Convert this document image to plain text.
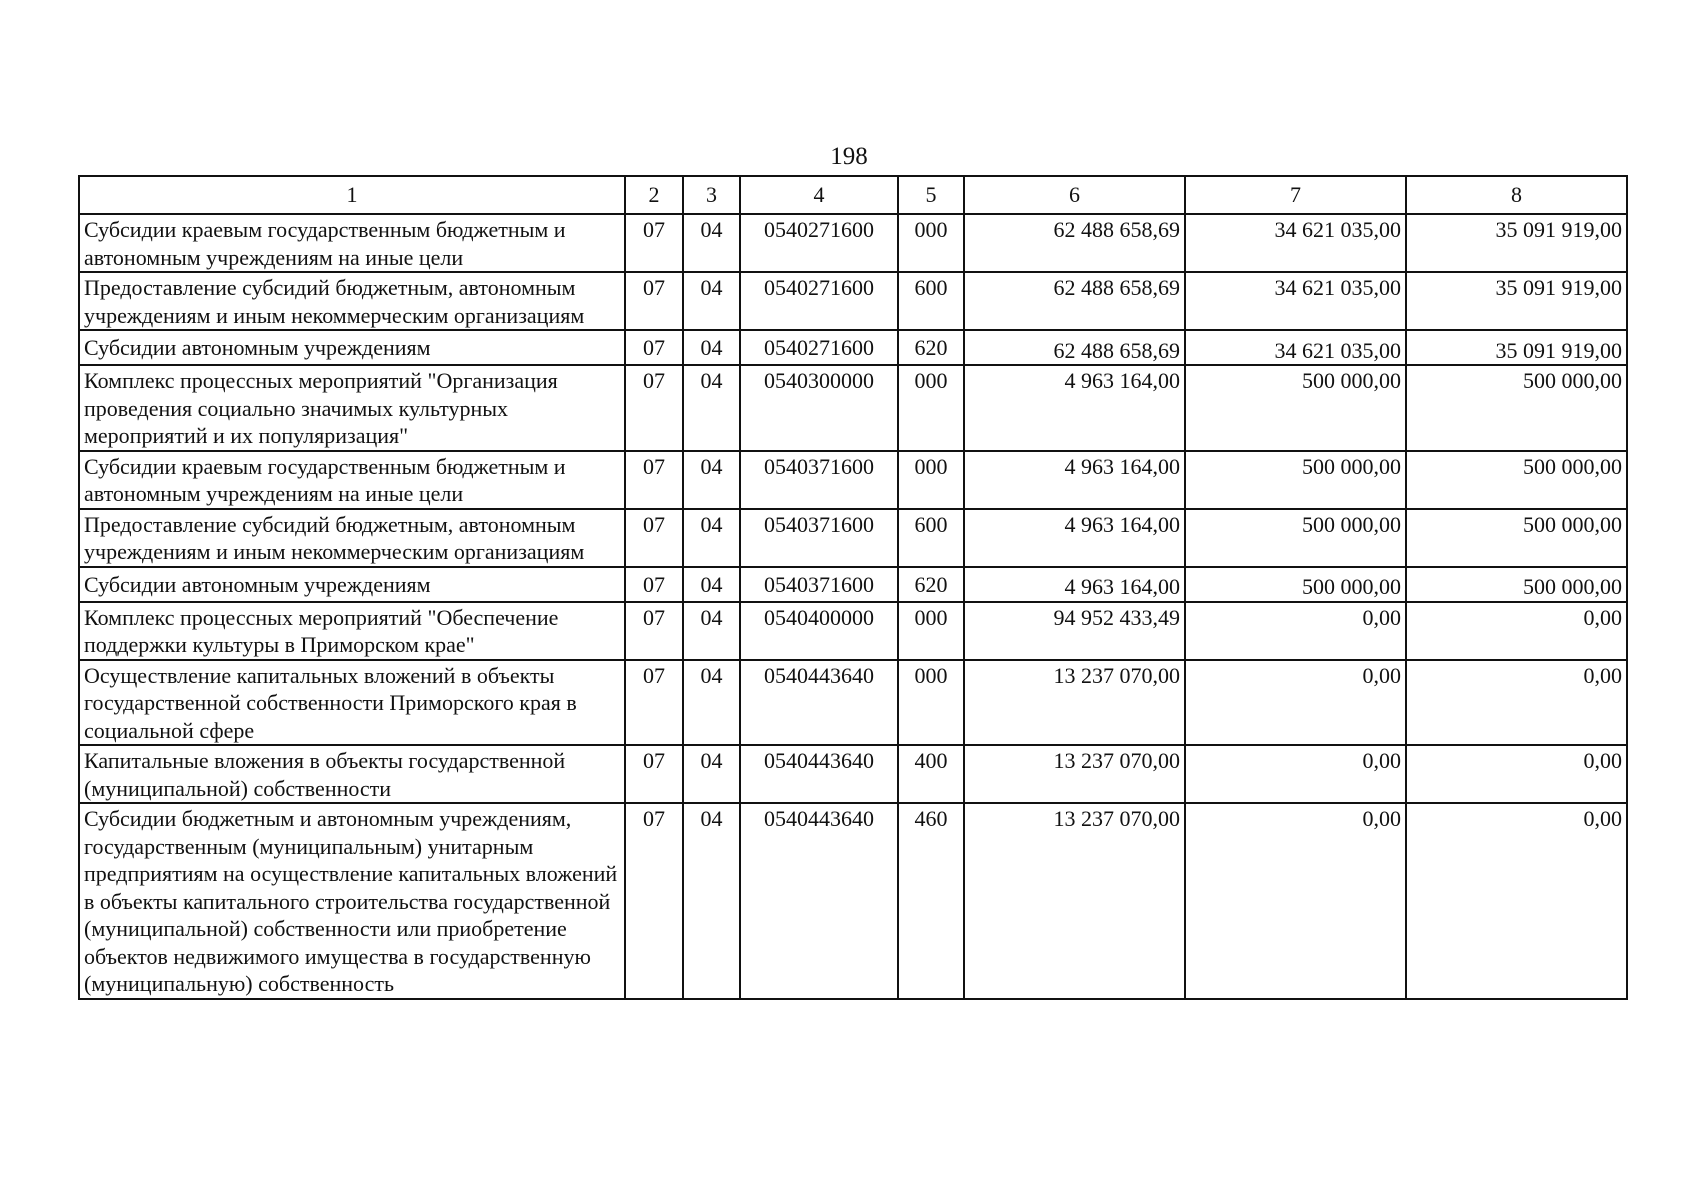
198
1	2	3	4	5	6	7	8
Субсидии краевым государственным бюджетным и автономным учреждениям на иные цели	07	04	0540271600	000	62 488 658,69	34 621 035,00	35 091 919,00
Предоставление субсидий бюджетным, автономным учреждениям и иным некоммерческим организациям	07	04	0540271600	600	62 488 658,69	34 621 035,00	35 091 919,00
Субсидии автономным учреждениям	07	04	0540271600	620	62 488 658,69	34 621 035,00	35 091 919,00
Комплекс процессных мероприятий "Организация проведения социально значимых культурных мероприятий и их популяризация"	07	04	0540300000	000	4 963 164,00	500 000,00	500 000,00
Субсидии краевым государственным бюджетным и автономным учреждениям на иные цели	07	04	0540371600	000	4 963 164,00	500 000,00	500 000,00
Предоставление субсидий бюджетным, автономным учреждениям и иным некоммерческим организациям	07	04	0540371600	600	4 963 164,00	500 000,00	500 000,00
Субсидии автономным учреждениям	07	04	0540371600	620	4 963 164,00	500 000,00	500 000,00
Комплекс процессных мероприятий "Обеспечение поддержки культуры в Приморском крае"	07	04	0540400000	000	94 952 433,49	0,00	0,00
Осуществление капитальных вложений в объекты государственной собственности Приморского края в социальной сфере	07	04	0540443640	000	13 237 070,00	0,00	0,00
Капитальные вложения в объекты государственной (муниципальной) собственности	07	04	0540443640	400	13 237 070,00	0,00	0,00
Субсидии бюджетным и автономным учреждениям, государственным (муниципальным) унитарным предприятиям на осуществление капитальных вложений в объекты капитального строительства государственной (муниципальной) собственности или приобретение объектов недвижимого имущества в государственную (муниципальную) собственность	07	04	0540443640	460	13 237 070,00	0,00	0,00
